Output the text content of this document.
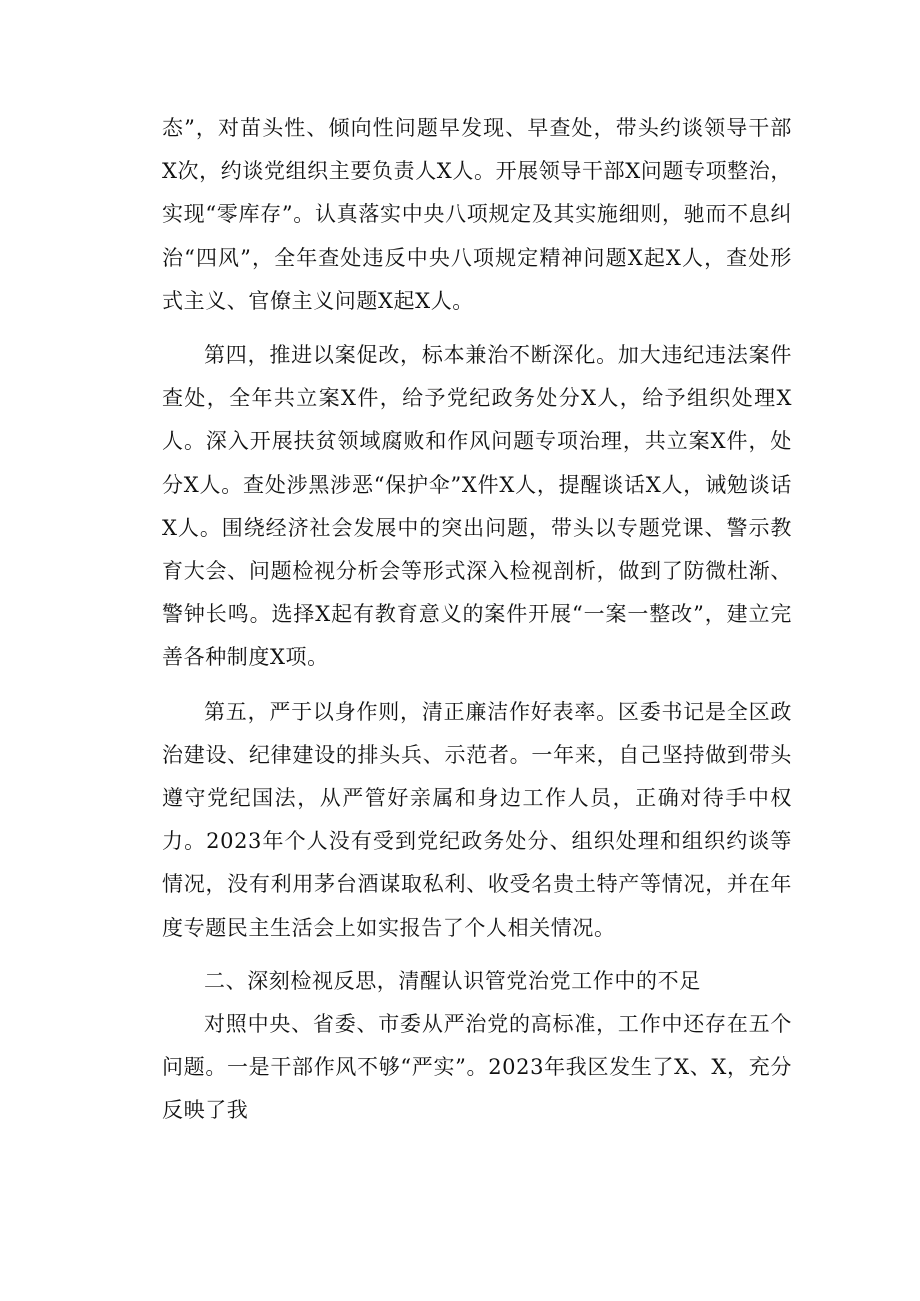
态”，对苗头性、倾向性问题早发现、早查处，带头约谈领导干部X次，约谈党组织主要负责人X人。开展领导干部X问题专项整治，实现“零库存”。认真落实中央八项规定及其实施细则，驰而不息纠治“四风”，全年查处违反中央八项规定精神问题X起X人，查处形式主义、官僚主义问题X起X人。

第四，推进以案促改，标本兼治不断深化。加大违纪违法案件查处，全年共立案X件，给予党纪政务处分X人，给予组织处理X人。深入开展扶贫领域腐败和作风问题专项治理，共立案X件，处分X人。查处涉黑涉恶“保护伞”X件X人，提醒谈话X人，诫勉谈话X人。围绕经济社会发展中的突出问题，带头以专题党课、警示教育大会、问题检视分析会等形式深入检视剖析，做到了防微杜渐、警钟长鸣。选择X起有教育意义的案件开展“一案一整改”，建立完善各种制度X项。

第五，严于以身作则，清正廉洁作好表率。区委书记是全区政治建设、纪律建设的排头兵、示范者。一年来，自己坚持做到带头遵守党纪国法，从严管好亲属和身边工作人员，正确对待手中权力。2023年个人没有受到党纪政务处分、组织处理和组织约谈等情况，没有利用茅台酒谋取私利、收受名贵土特产等情况，并在年度专题民主生活会上如实报告了个人相关情况。

二、深刻检视反思，清醒认识管党治党工作中的不足

对照中央、省委、市委从严治党的高标准，工作中还存在五个问题。一是干部作风不够“严实”。2023年我区发生了X、X，充分反映了我
